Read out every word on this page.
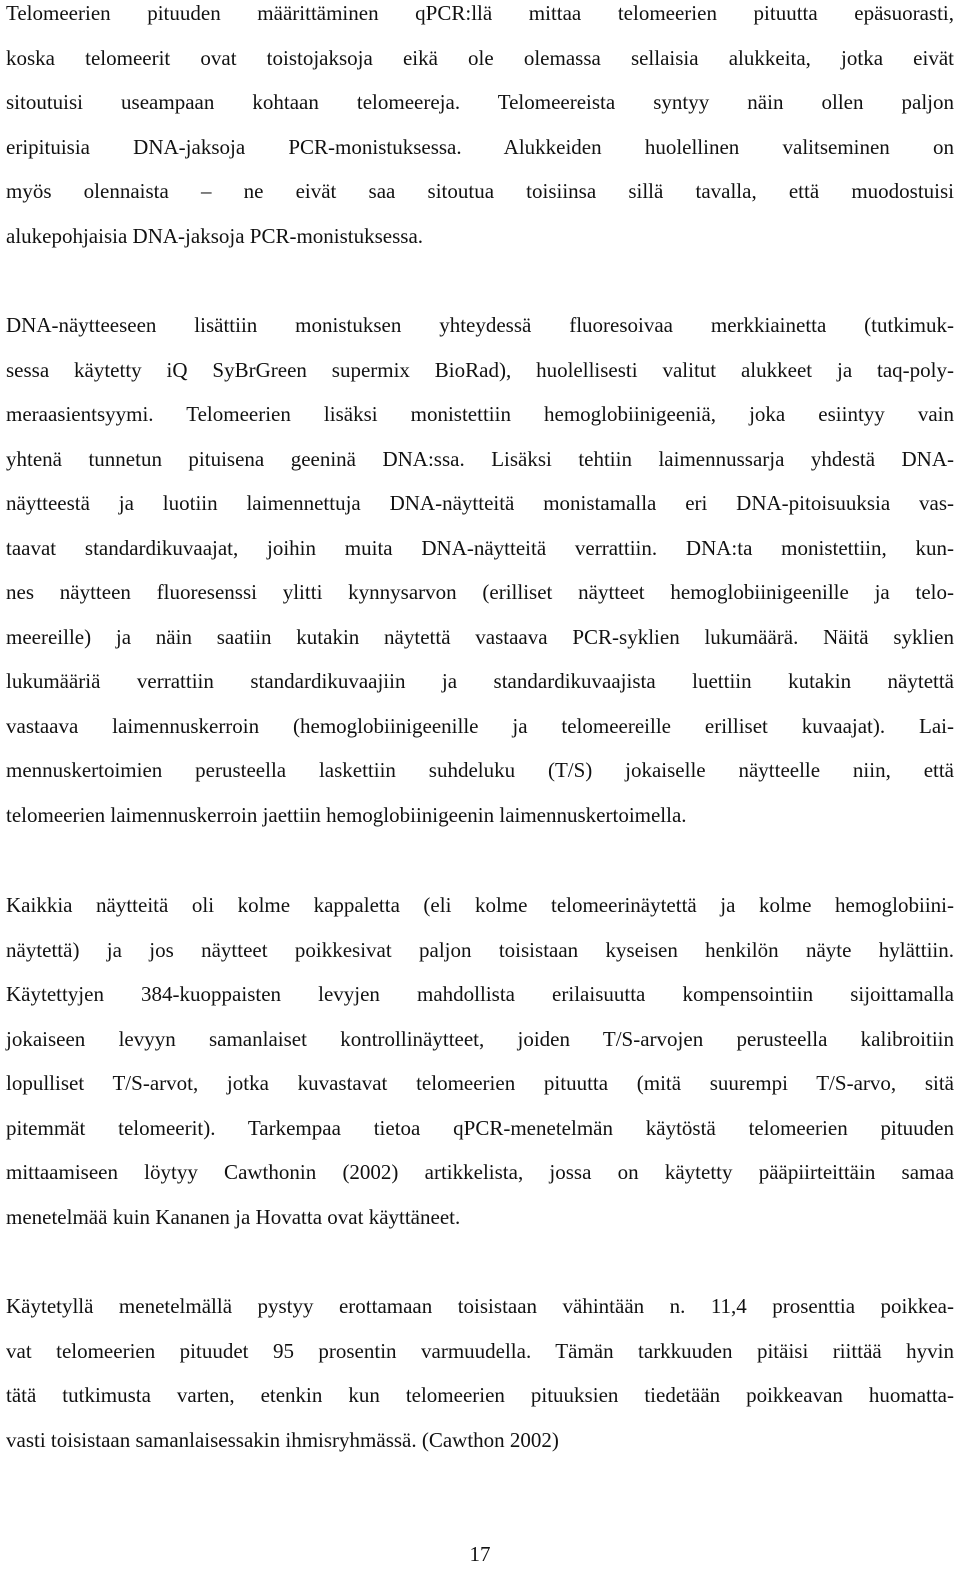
Telomeerien pituuden määrittäminen qPCR:llä mittaa telomeerien pituutta epäsuorasti,
koska telomeerit ovat toistojaksoja eikä ole olemassa sellaisia alukkeita, jotka eivät
sitoutuisi useampaan kohtaan telomeereja. Telomeereista syntyy näin ollen paljon
eripituisia DNA-jaksoja PCR-monistuksessa. Alukkeiden huolellinen valitseminen on
myös olennaista – ne eivät saa sitoutua toisiinsa sillä tavalla, että muodostuisi
alukepohjaisia DNA-jaksoja PCR-monistuksessa.
DNA-näytteeseen lisättiin monistuksen yhteydessä fluoresoivaa merkkiainetta (tutkimuk-
sessa käytetty iQ SyBrGreen supermix BioRad), huolellisesti valitut alukkeet ja taq-poly-
meraasientsyymi. Telomeerien lisäksi monistettiin hemoglobiinigeeniä, joka esiintyy vain
yhtenä tunnetun pituisena geeninä DNA:ssa. Lisäksi tehtiin laimennussarja yhdestä DNA-
näytteestä ja luotiin laimennettuja DNA-näytteitä monistamalla eri DNA-pitoisuuksia vas-
taavat standardikuvaajat, joihin muita DNA-näytteitä verrattiin. DNA:ta monistettiin, kun-
nes näytteen fluoresenssi ylitti kynnysarvon (erilliset näytteet hemoglobiinigeenille ja telo-
meereille) ja näin saatiin kutakin näytettä vastaava PCR-syklien lukumäärä. Näitä syklien
lukumääriä verrattiin standardikuvaajiin ja standardikuvaajista luettiin kutakin näytettä
vastaava laimennuskerroin (hemoglobiinigeenille ja telomeereille erilliset kuvaajat). Lai-
mennuskertoimien perusteella laskettiin suhdeluku (T/S) jokaiselle näytteelle niin, että
telomeerien laimennuskerroin jaettiin hemoglobiinigeenin laimennuskertoimella.
Kaikkia näytteitä oli kolme kappaletta (eli kolme telomeerinäytettä ja kolme hemoglobiini-
näytettä) ja jos näytteet poikkesivat paljon toisistaan kyseisen henkilön näyte hylättiin.
Käytettyjen 384-kuoppaisten levyjen mahdollista erilaisuutta kompensointiin sijoittamalla
jokaiseen levyyn samanlaiset kontrollinäytteet, joiden T/S-arvojen perusteella kalibroitiin
lopulliset T/S-arvot, jotka kuvastavat telomeerien pituutta (mitä suurempi T/S-arvo, sitä
pitemmät telomeerit). Tarkempaa tietoa qPCR-menetelmän käytöstä telomeerien pituuden
mittaamiseen löytyy Cawthonin (2002) artikkelista, jossa on käytetty pääpiirteittäin samaa
menetelmää kuin Kananen ja Hovatta ovat käyttäneet.
Käytetyllä menetelmällä pystyy erottamaan toisistaan vähintään n. 11,4 prosenttia poikkea-
vat telomeerien pituudet 95 prosentin varmuudella. Tämän tarkkuuden pitäisi riittää hyvin
tätä tutkimusta varten, etenkin kun telomeerien pituuksien tiedetään poikkeavan huomatta-
vasti toisistaan samanlaisessakin ihmisryhmässä. (Cawthon 2002)
17
